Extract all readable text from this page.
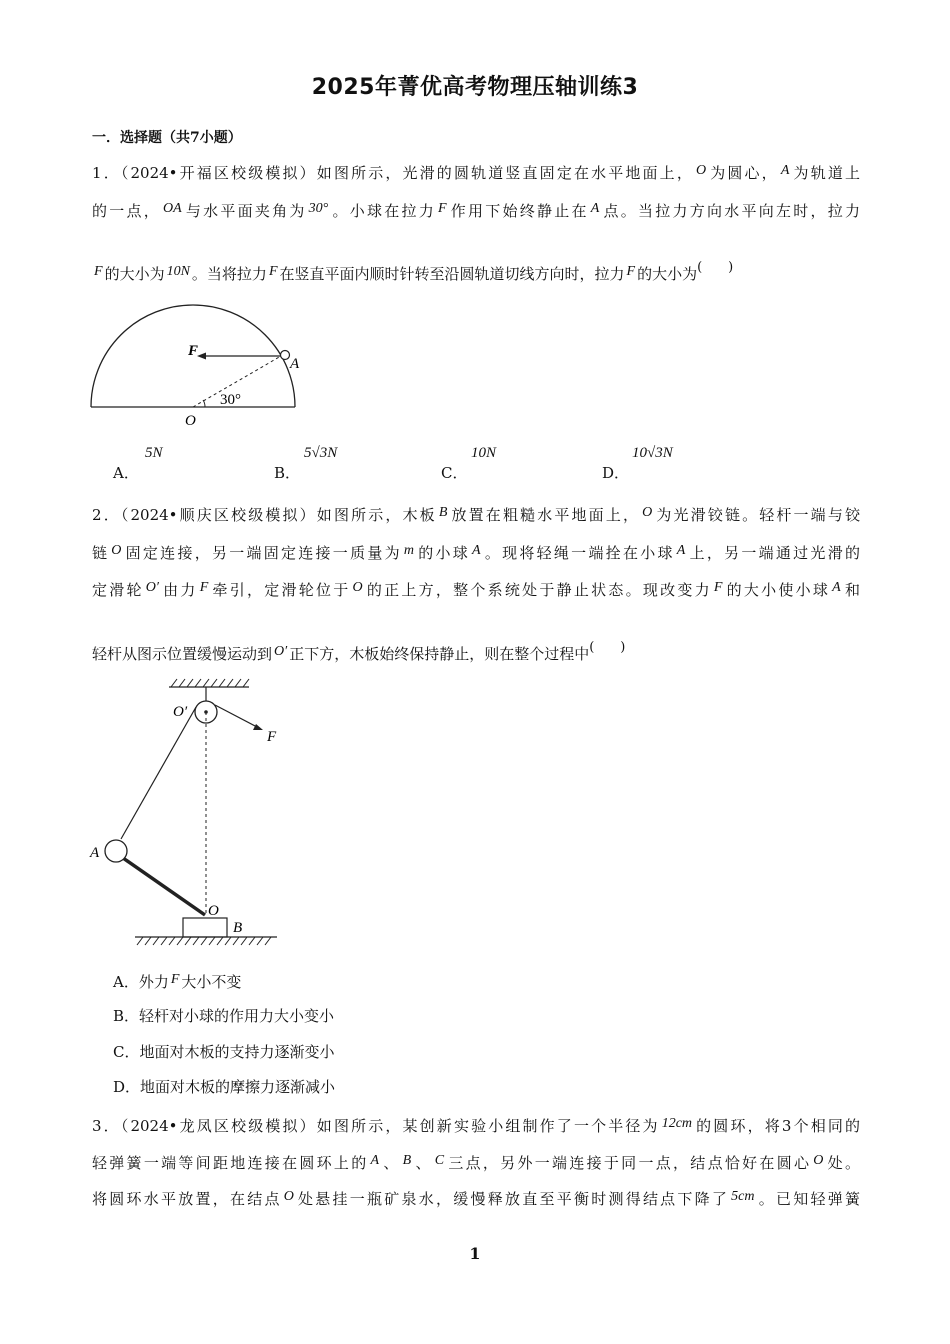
2025年菁优高考物理压轴训练3
一．选择题（共7小题）
1．（2024•开福区校级模拟）如图所示，光滑的圆轨道竖直固定在水平地面上， O 为圆心， A 为轨道上
的一点， OA 与水平面夹角为 30° 。小球在拉力 F 作用下始终静止在 A 点。当拉力方向水平向左时，拉力
F 的大小为 10N 。当将拉力 F 在竖直平面内顺时针转至沿圆轨道切线方向时，拉力 F 的大小为(　　)
F
A
O
30°
A．
5N
B．
5√3N
C．
10N
D．
10√3N
2．（2024•顺庆区校级模拟）如图所示，木板 B 放置在粗糙水平地面上， O 为光滑铰链。轻杆一端与铰
链 O 固定连接，另一端固定连接一质量为 m 的小球 A 。现将轻绳一端拴在小球 A 上，另一端通过光滑的
定滑轮 O′ 由力 F 牵引，定滑轮位于 O 的正上方，整个系统处于静止状态。现改变力 F 的大小使小球 A 和
轻杆从图示位置缓慢运动到 O′ 正下方，木板始终保持静止，则在整个过程中(　　)
O′
F
A
O
B
A．外力 F 大小不变
B．轻杆对小球的作用力大小变小
C．地面对木板的支持力逐渐变小
D．地面对木板的摩擦力逐渐减小
3．（2024•龙凤区校级模拟）如图所示，某创新实验小组制作了一个半径为 12cm 的圆环，将3个相同的
轻弹簧一端等间距地连接在圆环上的 A 、 B 、 C 三点，另外一端连接于同一点，结点恰好在圆心 O 处。
将圆环水平放置，在结点 O 处悬挂一瓶矿泉水，缓慢释放直至平衡时测得结点下降了 5cm 。已知轻弹簧
1
